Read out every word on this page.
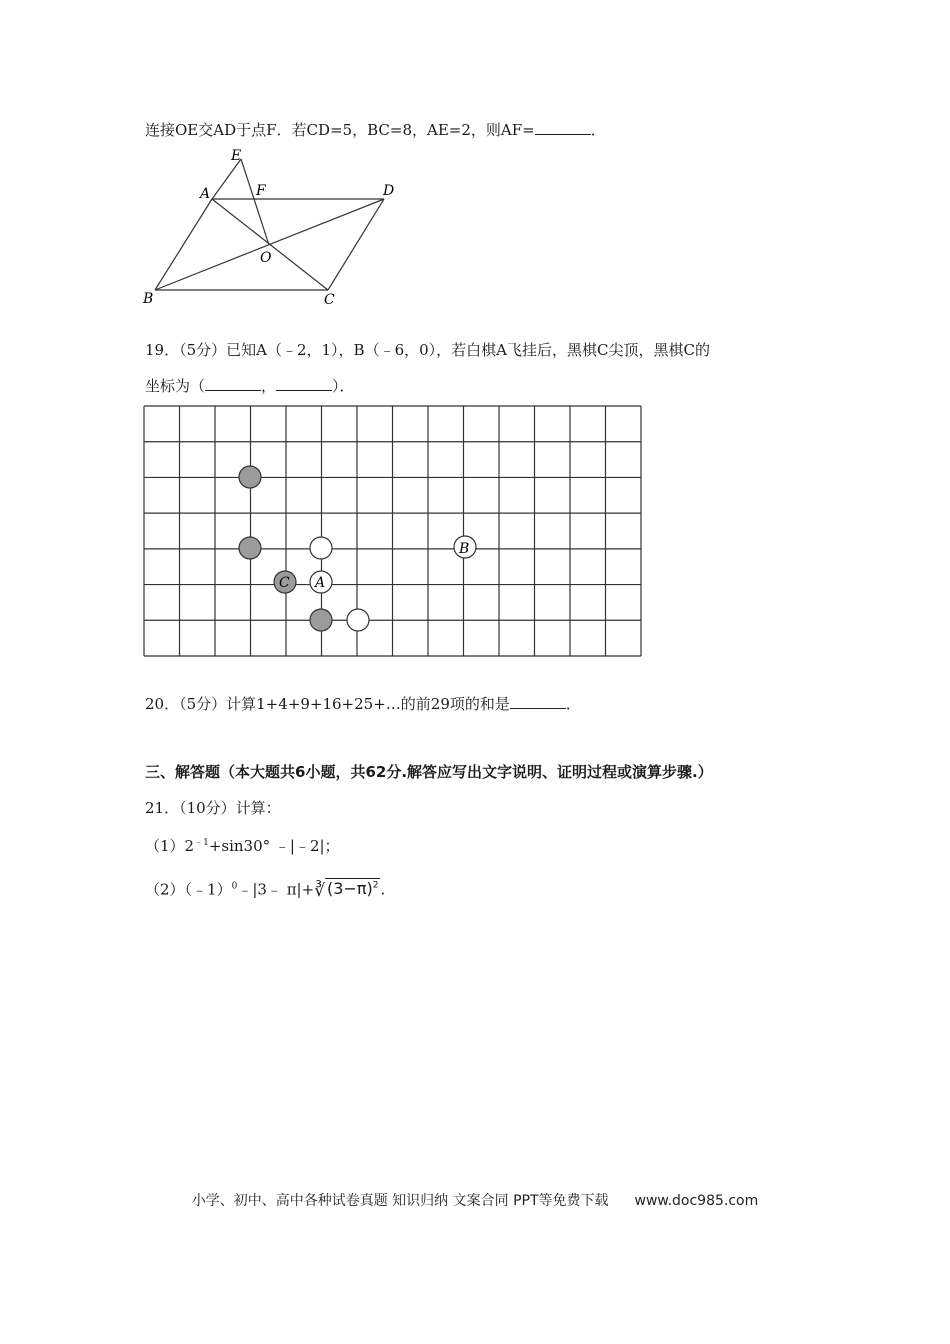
连接OE交AD于点F．若CD=5，BC=8，AE=2，则AF=	．
E
A	F	D
O
B	C
19．（5分）已知A（﹣2，1），B（﹣6，0），若白棋A飞挂后，黑棋C尖顶，黑棋C的
坐标为（	，	）．
B
C A
20．（5分）计算1+4+9+16+25+…的前29项的和是	．
三、解答题（本大题共6小题，共62分.解答应写出文字说明、证明过程或演算步骤.）
21．（10分）计算：
$(1)2^{﹣1}+\sin 30^\circ$ ﹣|﹣2|；
（2）（﹣1）$^0$﹣|3﹣ π|+∛ $(3-\pi)^2$ .
小学、初中、高中各种试卷真题 知识归纳 文案合同 PPT等免费下载 www.doc985.com
